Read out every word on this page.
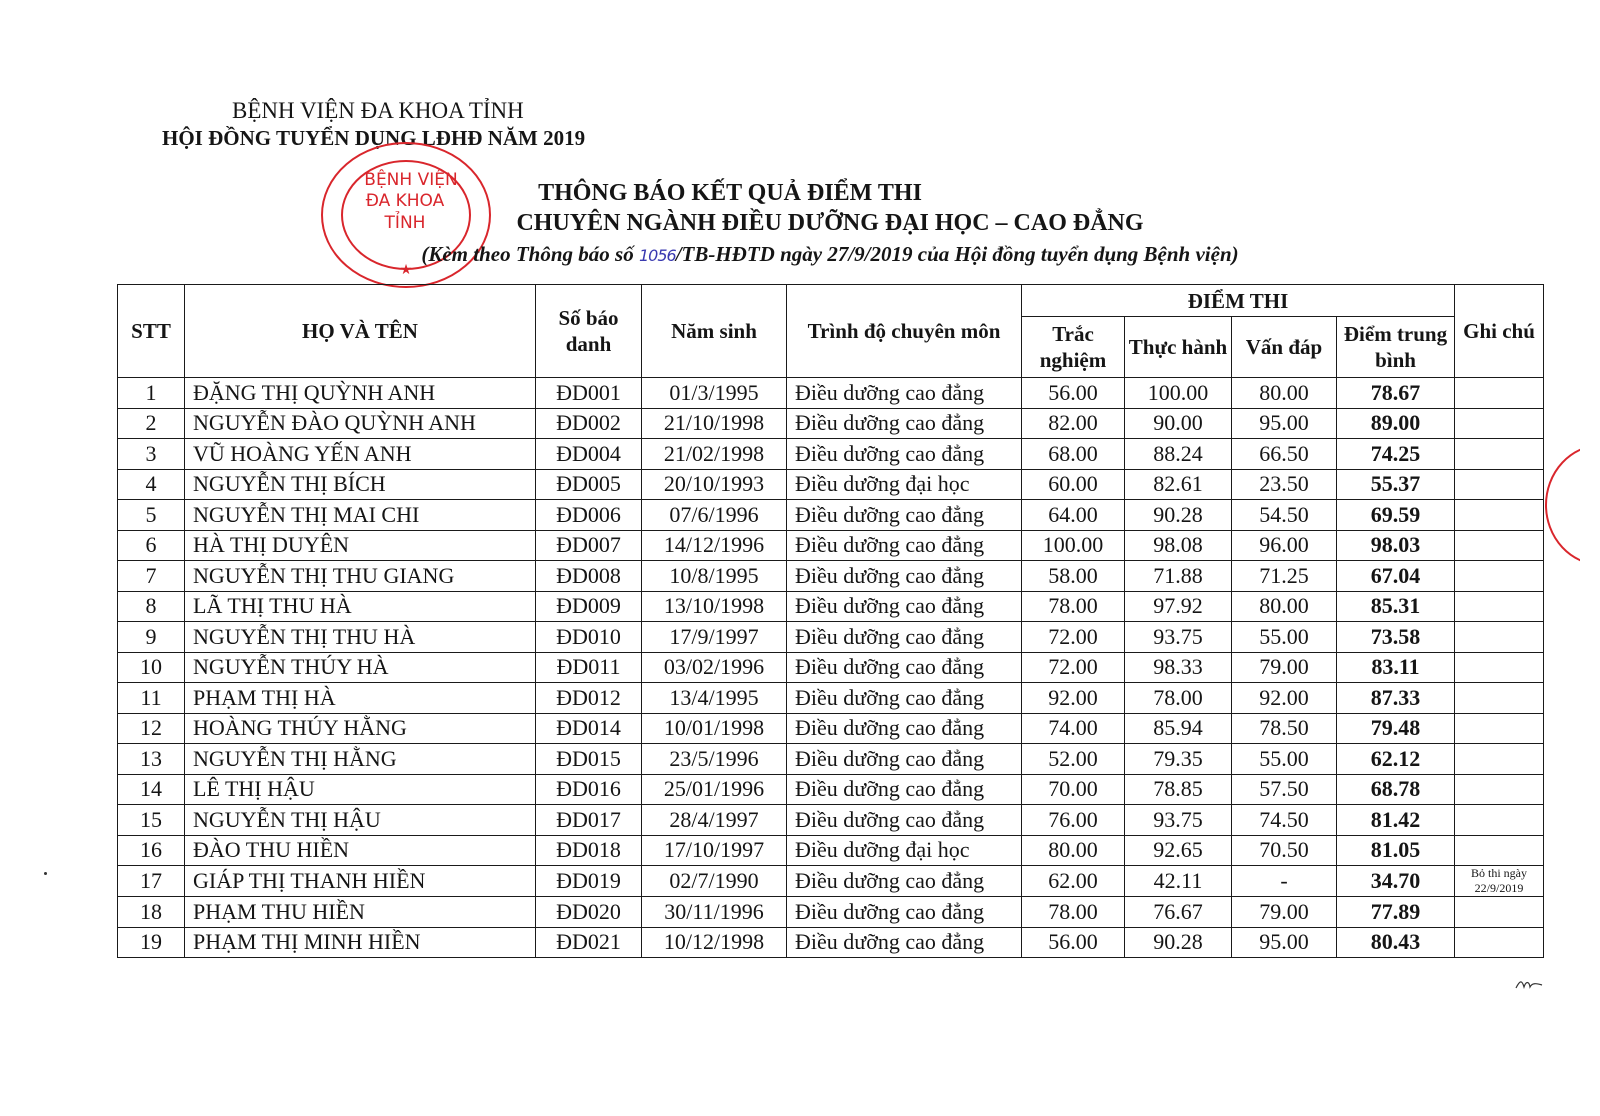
BỆNH VIỆN ĐA KHOA TỈNH
HỘI ĐỒNG TUYỂN DỤNG LĐHĐ NĂM 2019
BỆNH VIỆN
ĐA KHOA
TỈNH
★
THÔNG BÁO KẾT QUẢ ĐIỂM THI
CHUYÊN NGÀNH ĐIỀU DƯỠNG ĐẠI HỌC – CAO ĐẲNG
(Kèm theo Thông báo số 1056/TB-HĐTD ngày 27/9/2019 của Hội đồng tuyển dụng Bệnh viện)
STT	HỌ VÀ TÊN	Số báo danh	Năm sinh	Trình độ chuyên môn	ĐIỂM THI				Ghi chú
					Trắc nghiệm	Thực hành	Vấn đáp	Điểm trung bình	
1	ĐẶNG THỊ QUỲNH ANH	ĐD001	01/3/1995	Điều dưỡng cao đẳng	56.00	100.00	80.00	78.67	
2	NGUYỄN ĐÀO QUỲNH ANH	ĐD002	21/10/1998	Điều dưỡng cao đẳng	82.00	90.00	95.00	89.00	
3	VŨ HOÀNG YẾN ANH	ĐD004	21/02/1998	Điều dưỡng cao đẳng	68.00	88.24	66.50	74.25	
4	NGUYỄN THỊ BÍCH	ĐD005	20/10/1993	Điều dưỡng đại học	60.00	82.61	23.50	55.37	
5	NGUYỄN THỊ MAI CHI	ĐD006	07/6/1996	Điều dưỡng cao đẳng	64.00	90.28	54.50	69.59	
6	HÀ THỊ DUYÊN	ĐD007	14/12/1996	Điều dưỡng cao đẳng	100.00	98.08	96.00	98.03	
7	NGUYỄN THỊ THU GIANG	ĐD008	10/8/1995	Điều dưỡng cao đẳng	58.00	71.88	71.25	67.04	
8	LÃ THỊ THU HÀ	ĐD009	13/10/1998	Điều dưỡng cao đẳng	78.00	97.92	80.00	85.31	
9	NGUYỄN THỊ THU HÀ	ĐD010	17/9/1997	Điều dưỡng cao đẳng	72.00	93.75	55.00	73.58	
10	NGUYỄN THÚY HÀ	ĐD011	03/02/1996	Điều dưỡng cao đẳng	72.00	98.33	79.00	83.11	
11	PHẠM THỊ HÀ	ĐD012	13/4/1995	Điều dưỡng cao đẳng	92.00	78.00	92.00	87.33	
12	HOÀNG THÚY HẰNG	ĐD014	10/01/1998	Điều dưỡng cao đẳng	74.00	85.94	78.50	79.48	
13	NGUYỄN THỊ HẰNG	ĐD015	23/5/1996	Điều dưỡng cao đẳng	52.00	79.35	55.00	62.12	
14	LÊ THỊ HẬU	ĐD016	25/01/1996	Điều dưỡng cao đẳng	70.00	78.85	57.50	68.78	
15	NGUYỄN THỊ HẬU	ĐD017	28/4/1997	Điều dưỡng cao đẳng	76.00	93.75	74.50	81.42	
16	ĐÀO THU HIỀN	ĐD018	17/10/1997	Điều dưỡng đại học	80.00	92.65	70.50	81.05	
17	GIÁP THỊ THANH HIỀN	ĐD019	02/7/1990	Điều dưỡng cao đẳng	62.00	42.11	-	34.70	Bỏ thi ngày 22/9/2019
18	PHẠM THU HIỀN	ĐD020	30/11/1996	Điều dưỡng cao đẳng	78.00	76.67	79.00	77.89	
19	PHẠM THỊ MINH HIỀN	ĐD021	10/12/1998	Điều dưỡng cao đẳng	56.00	90.28	95.00	80.43	
